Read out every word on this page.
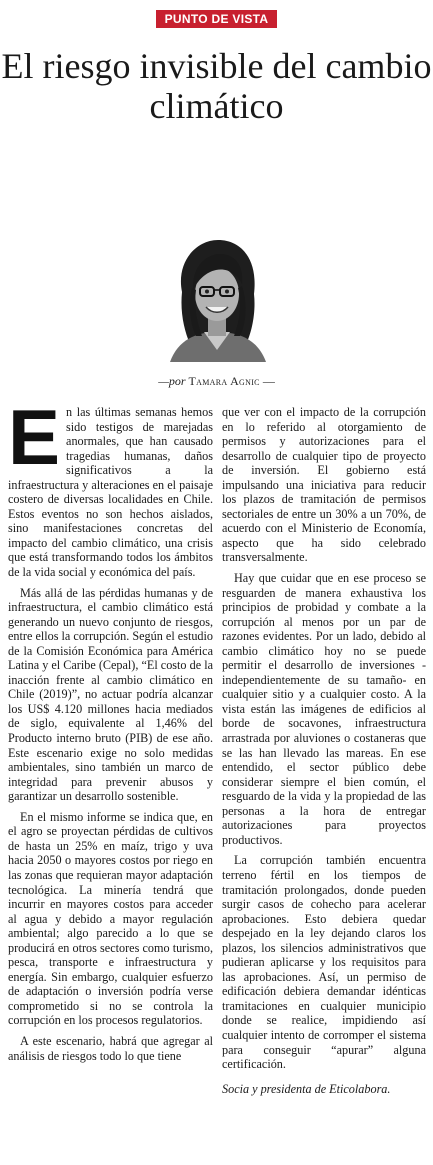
PUNTO DE VISTA
El riesgo invisible del cambio climático
—por Tamara Agnic —

En las últimas semanas hemos sido testigos de marejadas anormales, que han causado tragedias humanas, daños significativos a la infraestructura y alteraciones en el paisaje costero de diversas localidades en Chile. Estos eventos no son hechos aislados, sino manifestaciones concretas del impacto del cambio climático, una crisis que está transformando todos los ámbitos de la vida social y económica del país.

Más allá de las pérdidas humanas y de infraestructura, el cambio climático está generando un nuevo conjunto de riesgos, entre ellos la corrupción. Según el estudio de la Comisión Económica para América Latina y el Caribe (Cepal), “El costo de la inacción frente al cambio climático en Chile (2019)”, no actuar podría alcanzar los US$ 4.120 millones hacia mediados de siglo, equivalente al 1,46% del Producto interno bruto (PIB) de ese año. Este escenario exige no solo medidas ambientales, sino también un marco de integridad para prevenir abusos y garantizar un desarrollo sostenible.

En el mismo informe se indica que, en el agro se proyectan pérdidas de cultivos de hasta un 25% en maíz, trigo y uva hacia 2050 o mayores costos por riego en las zonas que requieran mayor adaptación tecnológica. La minería tendrá que incurrir en mayores costos para acceder al agua y debido a mayor regulación ambiental; algo parecido a lo que se producirá en otros sectores como turismo, pesca, transporte e infraestructura y energía. Sin embargo, cualquier esfuerzo de adaptación o inversión podría verse comprometido si no se controla la corrupción en los procesos regulatorios.

A este escenario, habrá que agregar al análisis de riesgos todo lo que tiene

que ver con el impacto de la corrupción en lo referido al otorgamiento de permisos y autorizaciones para el desarrollo de cualquier tipo de proyecto de inversión. El gobierno está impulsando una iniciativa para reducir los plazos de tramitación de permisos sectoriales de entre un 30% a un 70%, de acuerdo con el Ministerio de Economía, aspecto que ha sido celebrado transversalmente.

Hay que cuidar que en ese proceso se resguarden de manera exhaustiva los principios de probidad y combate a la corrupción al menos por un par de razones evidentes. Por un lado, debido al cambio climático hoy no se puede permitir el desarrollo de inversiones -independientemente de su tamaño- en cualquier sitio y a cualquier costo. A la vista están las imágenes de edificios al borde de socavones, infraestructura arrastrada por aluviones o costaneras que se las han llevado las mareas. En ese entendido, el sector público debe considerar siempre el bien común, el resguardo de la vida y la propiedad de las personas a la hora de entregar autorizaciones para proyectos productivos.

La corrupción también encuentra terreno fértil en los tiempos de tramitación prolongados, donde pueden surgir casos de cohecho para acelerar aprobaciones. Esto debiera quedar despejado en la ley dejando claros los plazos, los silencios administrativos que pudieran aplicarse y los requisitos para las aprobaciones. Así, un permiso de edificación debiera demandar idénticas tramitaciones en cualquier municipio donde se realice, impidiendo así cualquier intento de corromper el sistema para conseguir “apurar” alguna certificación.

Socia y presidenta de Eticolabora.
